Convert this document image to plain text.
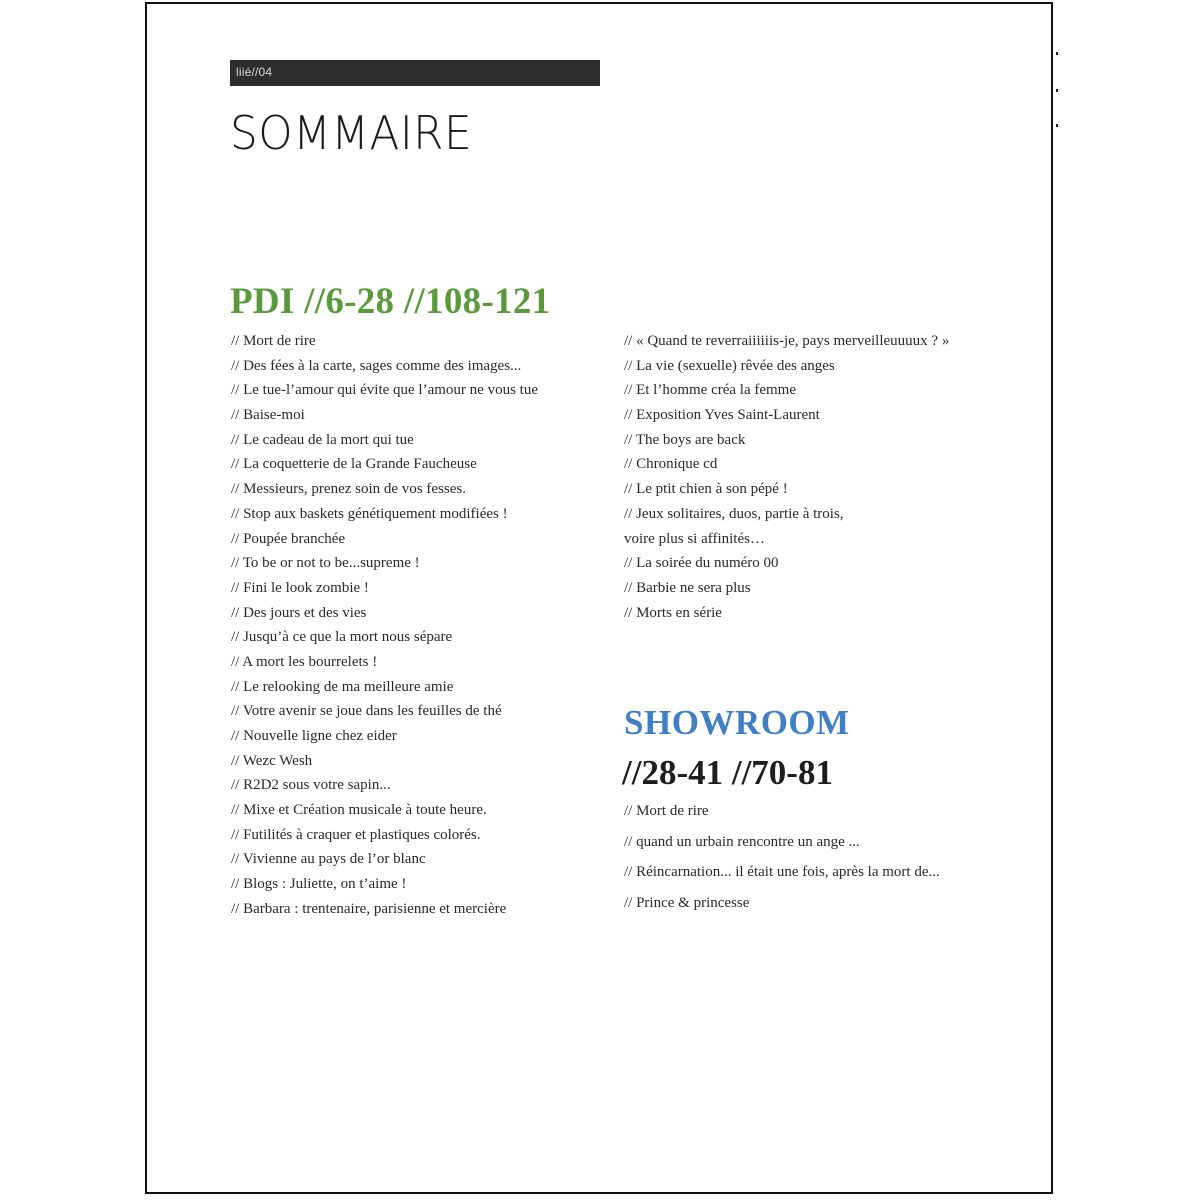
liié//04
SOMMAIRE
PDI //6-28 //108-121
// Mort de rire
// Des fées à la carte, sages comme des images...
// Le tue-l’amour qui évite que l’amour ne vous tue
// Baise-moi
// Le cadeau de la mort qui tue
// La coquetterie de la Grande Faucheuse
// Messieurs, prenez soin de vos fesses.
// Stop aux baskets génétiquement modifiées !
// Poupée branchée
// To be or not to be...supreme !
// Fini le look zombie !
// Des jours et des vies
// Jusqu’à ce que la mort nous sépare
// A mort les bourrelets !
// Le relooking de ma meilleure amie
// Votre avenir se joue dans les feuilles de thé
// Nouvelle ligne chez eider
// Wezc Wesh
// R2D2 sous votre sapin...
// Mixe et Création musicale à toute heure.
// Futilités à craquer et plastiques colorés.
// Vivienne au pays de l’or blanc
// Blogs : Juliette, on t’aime !
// Barbara : trentenaire, parisienne et mercière
// « Quand te reverraiiiiiis-je, pays merveilleuuuux ? »
// La vie (sexuelle) rêvée des anges
// Et l’homme créa la femme
// Exposition Yves Saint-Laurent
// The boys are back
// Chronique cd
// Le ptit chien à son pépé !
// Jeux solitaires, duos, partie à trois,
voire plus si affinités…
// La soirée du numéro 00
// Barbie ne sera plus
// Morts en série
SHOWROOM
//28-41 //70-81
// Mort de rire
// quand un urbain rencontre un ange ...
// Réincarnation... il était une fois, après la mort de...
// Prince & princesse
